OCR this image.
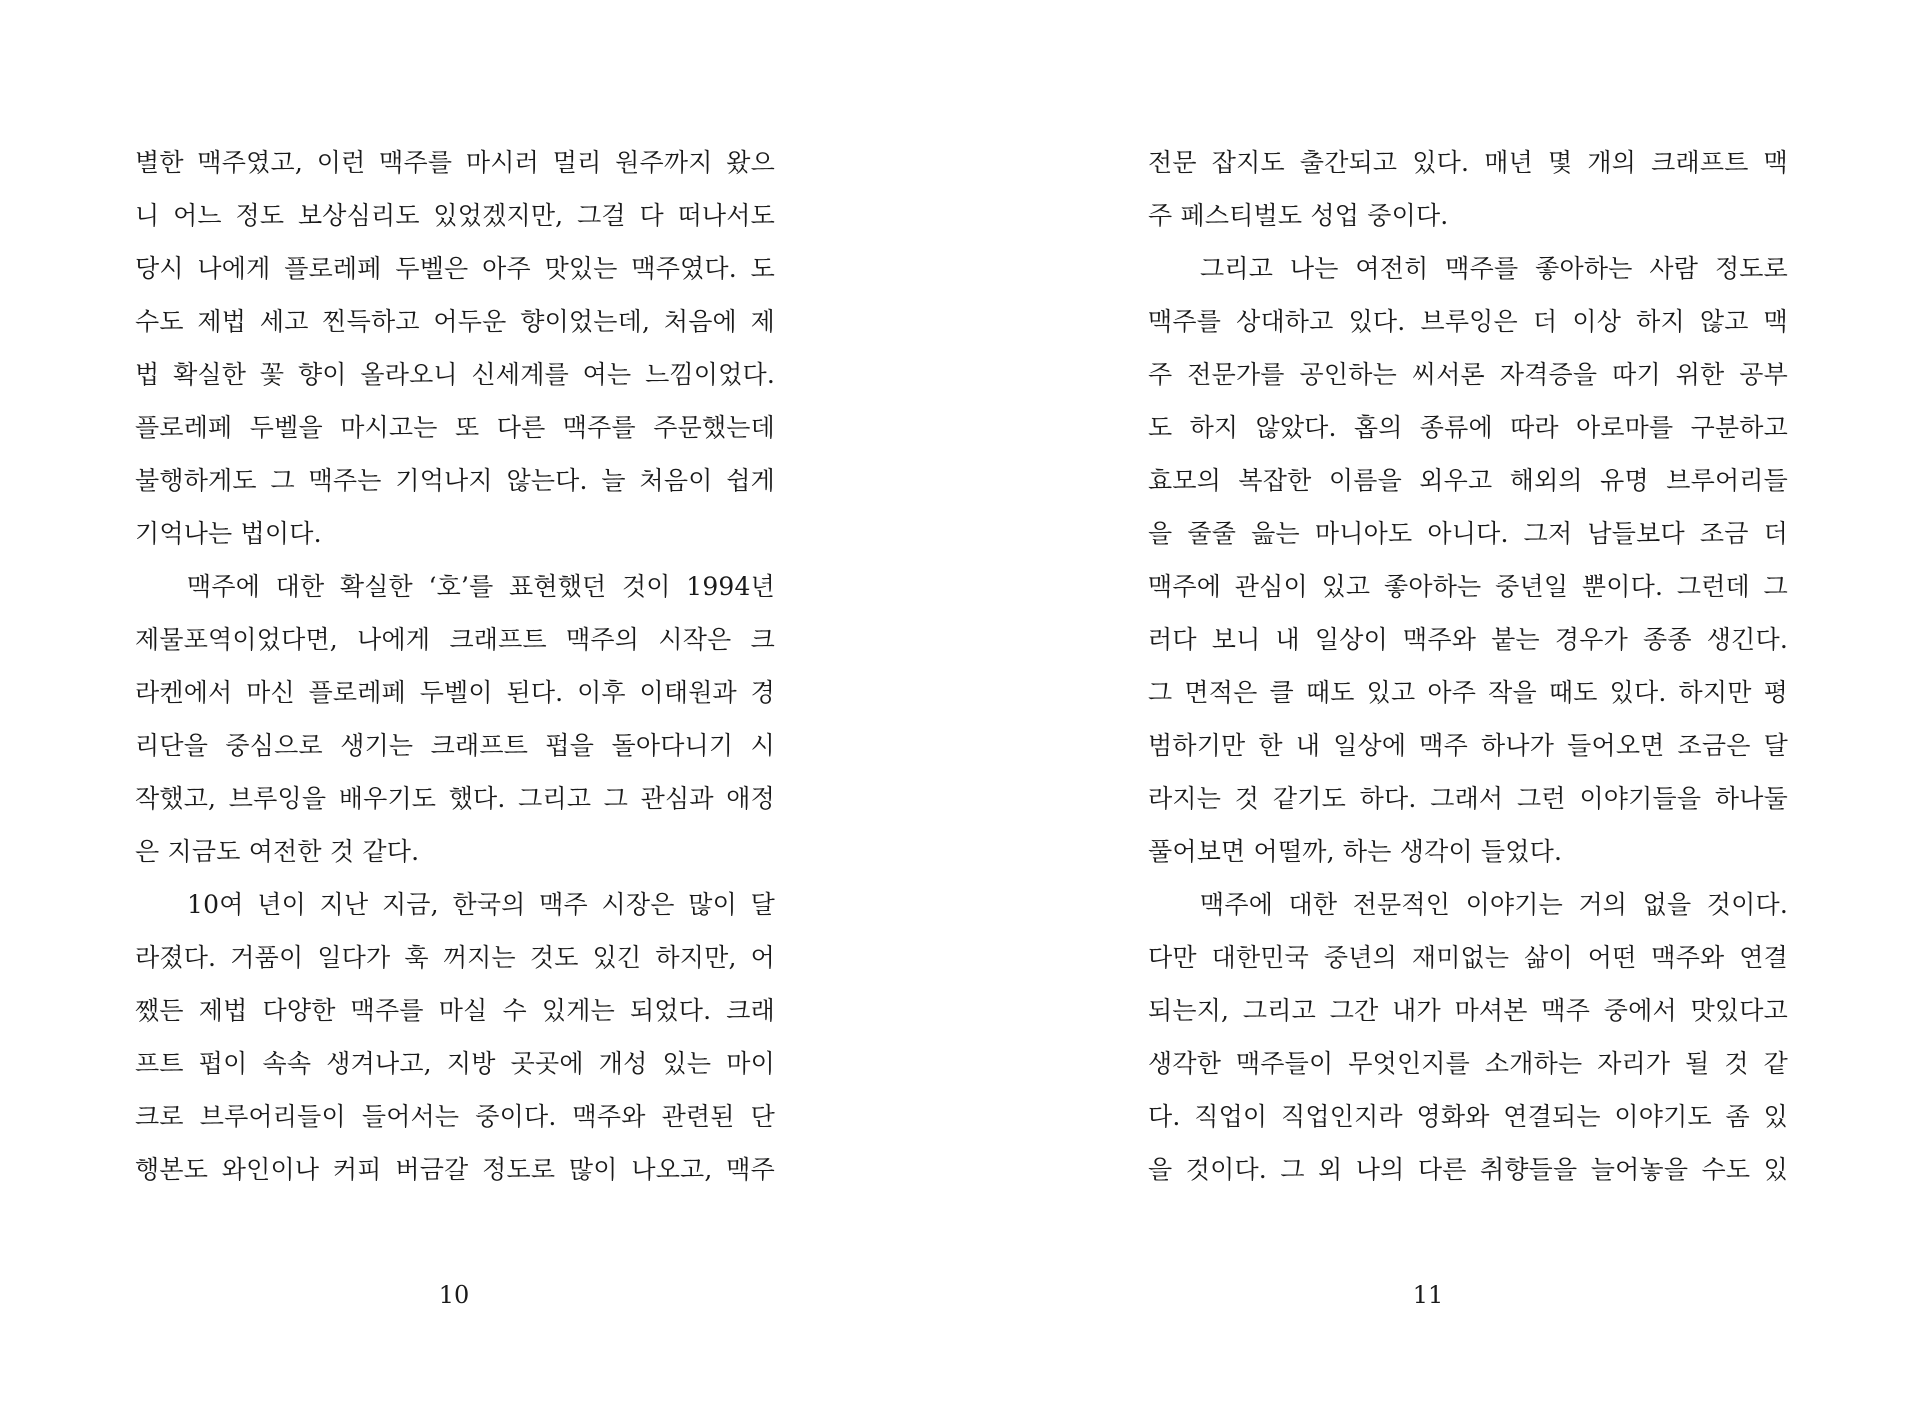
별한 맥주였고, 이런 맥주를 마시러 멀리 원주까지 왔으
니 어느 정도 보상심리도 있었겠지만, 그걸 다 떠나서도
당시 나에게 플로레페 두벨은 아주 맛있는 맥주였다. 도
수도 제법 세고 찐득하고 어두운 향이었는데, 처음에 제
법 확실한 꽃 향이 올라오니 신세계를 여는 느낌이었다.
플로레페 두벨을 마시고는 또 다른 맥주를 주문했는데
불행하게도 그 맥주는 기억나지 않는다. 늘 처음이 쉽게
기억나는 법이다.
맥주에 대한 확실한 ‘호’를 표현했던 것이 1994년
제물포역이었다면, 나에게 크래프트 맥주의 시작은 크
라켄에서 마신 플로레페 두벨이 된다. 이후 이태원과 경
리단을 중심으로 생기는 크래프트 펍을 돌아다니기 시
작했고, 브루잉을 배우기도 했다. 그리고 그 관심과 애정
은 지금도 여전한 것 같다.
10여 년이 지난 지금, 한국의 맥주 시장은 많이 달
라졌다. 거품이 일다가 훅 꺼지는 것도 있긴 하지만, 어
쨌든 제법 다양한 맥주를 마실 수 있게는 되었다. 크래
프트 펍이 속속 생겨나고, 지방 곳곳에 개성 있는 마이
크로 브루어리들이 들어서는 중이다. 맥주와 관련된 단
행본도 와인이나 커피 버금갈 정도로 많이 나오고, 맥주
10
전문 잡지도 출간되고 있다. 매년 몇 개의 크래프트 맥
주 페스티벌도 성업 중이다.
그리고 나는 여전히 맥주를 좋아하는 사람 정도로
맥주를 상대하고 있다. 브루잉은 더 이상 하지 않고 맥
주 전문가를 공인하는 씨서론 자격증을 따기 위한 공부
도 하지 않았다. 홉의 종류에 따라 아로마를 구분하고
효모의 복잡한 이름을 외우고 해외의 유명 브루어리들
을 줄줄 읊는 마니아도 아니다. 그저 남들보다 조금 더
맥주에 관심이 있고 좋아하는 중년일 뿐이다. 그런데 그
러다 보니 내 일상이 맥주와 붙는 경우가 종종 생긴다.
그 면적은 클 때도 있고 아주 작을 때도 있다. 하지만 평
범하기만 한 내 일상에 맥주 하나가 들어오면 조금은 달
라지는 것 같기도 하다. 그래서 그런 이야기들을 하나둘
풀어보면 어떨까, 하는 생각이 들었다.
맥주에 대한 전문적인 이야기는 거의 없을 것이다.
다만 대한민국 중년의 재미없는 삶이 어떤 맥주와 연결
되는지, 그리고 그간 내가 마셔본 맥주 중에서 맛있다고
생각한 맥주들이 무엇인지를 소개하는 자리가 될 것 같
다. 직업이 직업인지라 영화와 연결되는 이야기도 좀 있
을 것이다. 그 외 나의 다른 취향들을 늘어놓을 수도 있
11
